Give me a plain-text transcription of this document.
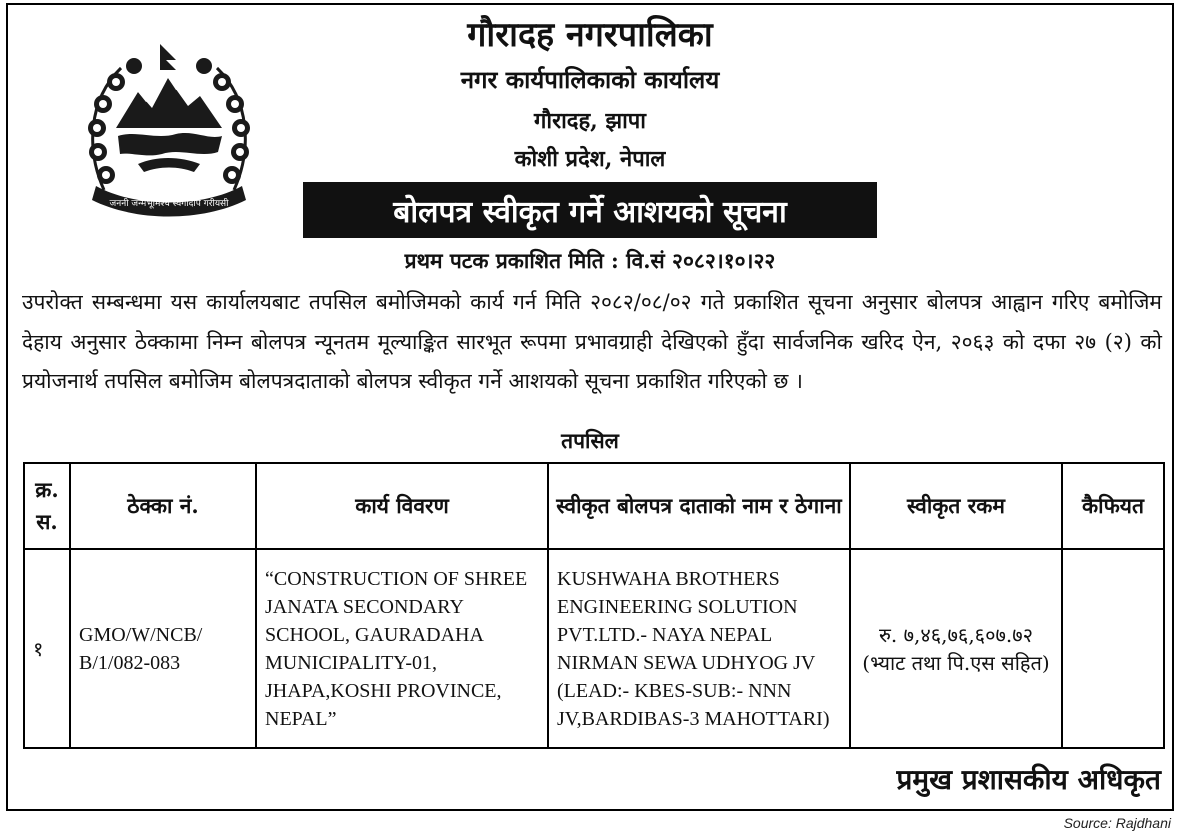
जननी जन्मभूमिश्च स्वर्गादपि गरीयसी
गौरादह नगरपालिका
नगर कार्यपालिकाको कार्यालय
गौरादह, झापा
कोशी प्रदेश, नेपाल
बोलपत्र स्वीकृत गर्ने आशयको सूचना
प्रथम पटक प्रकाशित मिति : वि.सं २०८२।१०।२२
उपरोक्त सम्बन्धमा यस कार्यालयबाट तपसिल बमोजिमको कार्य गर्न मिति २०८२/०८/०२ गते प्रकाशित सूचना अनुसार बोलपत्र आह्वान गरिए बमोजिम देहाय अनुसार ठेक्कामा निम्न बोलपत्र न्यूनतम मूल्याङ्कित सारभूत रूपमा प्रभावग्राही देखिएको हुँदा सार्वजनिक खरिद ऐन, २०६३ को दफा २७ (२) को प्रयोजनार्थ तपसिल बमोजिम बोलपत्रदाताको बोलपत्र स्वीकृत गर्ने आशयको सूचना प्रकाशित गरिएको छ ।
तपसिल
क्र. स.	ठेक्का नं.	कार्य विवरण	स्वीकृत बोलपत्र दाताको नाम र ठेगाना	स्वीकृत रकम	कैफियत
१	GMO/W/NCB/ B/1/082-083	“CONSTRUCTION OF SHREE JANATA SECONDARY SCHOOL, GAURADAHA MUNICIPALITY-01, JHAPA,KOSHI PROVINCE, NEPAL”	KUSHWAHA BROTHERS ENGINEERING SOLUTION PVT.LTD.- NAYA NEPAL NIRMAN SEWA UDHYOG JV (LEAD:- KBES-SUB:- NNN JV,BARDIBAS-3 MAHOTTARI)	रु. ७,४६,७६,६०७.७२
(भ्याट तथा पि.एस सहित)	

प्रमुख प्रशासकीय अधिकृत
Source: Rajdhani
